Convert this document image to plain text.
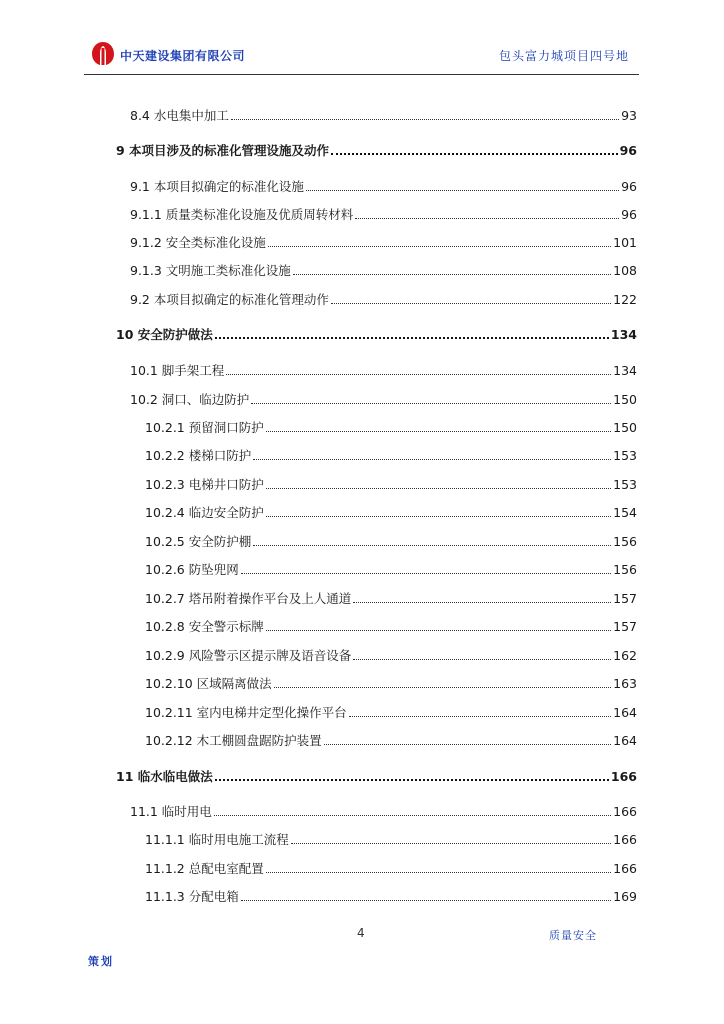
中天建设集团有限公司	包头富力城项目四号地
8.4 水电集中加工	93
9 本项目涉及的标准化管理设施及动作	96
9.1 本项目拟确定的标准化设施	96
9.1.1 质量类标准化设施及优质周转材料	96
9.1.2 安全类标准化设施	101
9.1.3 文明施工类标准化设施	108
9.2 本项目拟确定的标准化管理动作	122
10 安全防护做法	134
10.1 脚手架工程	134
10.2 洞口、临边防护	150
10.2.1 预留洞口防护	150
10.2.2 楼梯口防护	153
10.2.3 电梯井口防护	153
10.2.4 临边安全防护	154
10.2.5 安全防护棚	156
10.2.6 防坠兜网	156
10.2.7 塔吊附着操作平台及上人通道	157
10.2.8 安全警示标牌	157
10.2.9 风险警示区提示牌及语音设备	162
10.2.10 区域隔离做法	163
10.2.11 室内电梯井定型化操作平台	164
10.2.12 木工棚圆盘踞防护装置	164
11 临水临电做法	166
11.1 临时用电	166
11.1.1 临时用电施工流程	166
11.1.2 总配电室配置	166
11.1.3 分配电箱	169
4	质量安全
策划
